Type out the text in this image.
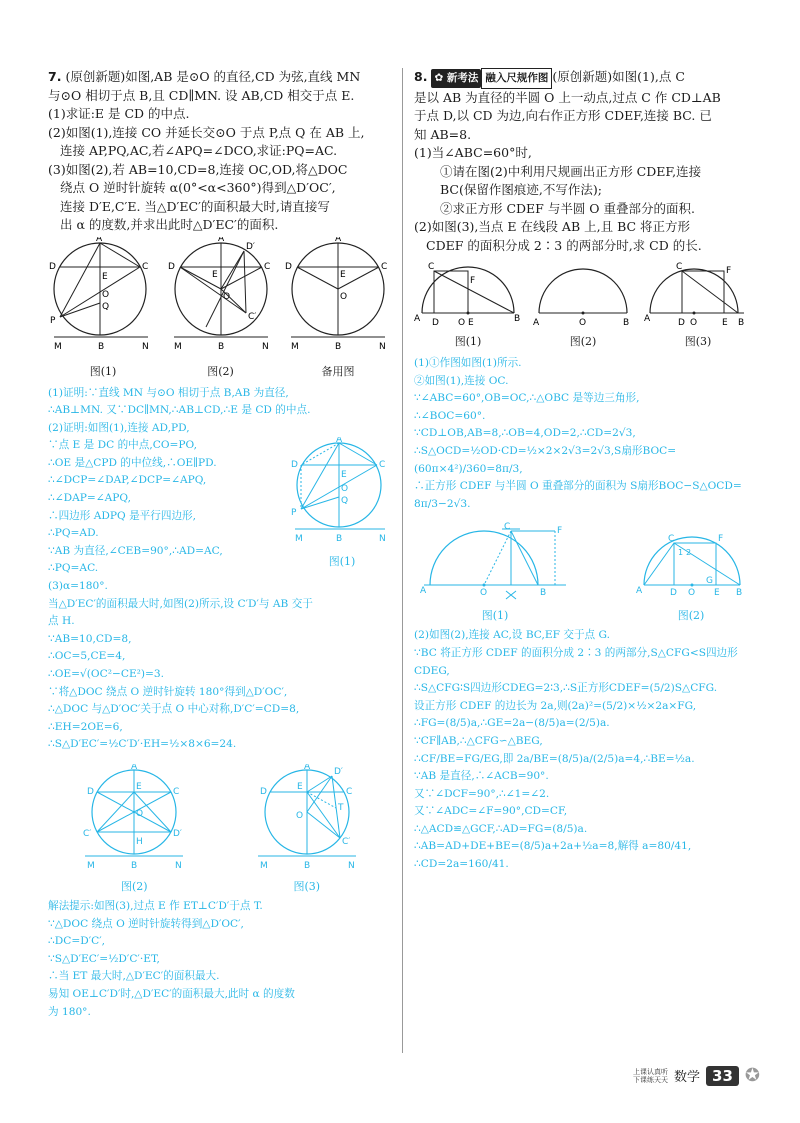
7. (原创新题)如图,AB 是⊙O 的直径,CD 为弦,直线 MN

与⊙O 相切于点 B,且 CD∥MN. 设 AB,CD 相交于点 E.

(1)求证:E 是 CD 的中点.

(2)如图(1),连接 CO 并延长交⊙O 于点 P,点 Q 在 AB 上,

连接 AP,PQ,AC,若∠APQ=∠DCO,求证:PQ=AC.

(3)如图(2),若 AB=10,CD=8,连接 OC,OD,将△DOC

绕点 O 逆时针旋转 α(0°<α<360°)得到△D′OC′,

连接 D′E,C′E. 当△D′EC′的面积最大时,请直接写

出 α 的度数,并求出此时△D′EC′的面积.

A
D	C
E
O
Q
P
M	B	N
图(1)
A
D′
D	C
E
O
C′
M	B	N
图(2)
A
D	C
E
O
M	B	N
备用图
A
D	C
E
O
Q
P
M	B	N
图(1)

(1)证明:∵直线 MN 与⊙O 相切于点 B,AB 为直径,

∴AB⊥MN. 又∵DC∥MN,∴AB⊥CD,∴E 是 CD 的中点.

(2)证明:如图(1),连接 AD,PD,

∵点 E 是 DC 的中点,CO=PO,

∴OE 是△CPD 的中位线,∴OE∥PD.

∴∠DCP=∠DAP,∠DCP=∠APQ,

∴∠DAP=∠APQ,

∴四边形 ADPQ 是平行四边形,

∴PQ=AD.

∵AB 为直径,∠CEB=90°,∴AD=AC,

∴PQ=AC.

(3)α=180°.

当△D′EC′的面积最大时,如图(2)所示,设 C′D′与 AB 交于

点 H.

∵AB=10,CD=8,

∴OC=5,CE=4,

∴OE=√(OC²−CE²)=3.

∵将△DOC 绕点 O 逆时针旋转 180°得到△D′OC′,

∴△DOC 与△D′OC′关于点 O 中心对称,D′C′=CD=8,

∴EH=2OE=6,

∴S△D′EC′=½C′D′·EH=½×8×6=24.

A
D	C
E
O
C′	D′
H
M	B	N
图(2)
A	D′
D	C
E
T
O
C′
M	B	N
图(3)

解法提示:如图(3),过点 E 作 ET⊥C′D′于点 T.

∵△DOC 绕点 O 逆时针旋转得到△D′OC′,

∴DC=D′C′,

∵S△D′EC′=½D′C′·ET,

∴当 ET 最大时,△D′EC′的面积最大.

易知 OE⊥C′D′时,△D′EC′的面积最大,此时 α 的度数

为 180°.

8. ✿ 新考法 融入尺规作图 (原创新题)如图(1),点 C

是以 AB 为直径的半圆 O 上一动点,过点 C 作 CD⊥AB

于点 D,以 CD 为边,向右作正方形 CDEF,连接 BC. 已

知 AB=8.

(1)当∠ABC=60°时,

①请在图(2)中利用尺规画出正方形 CDEF,连接

BC(保留作图痕迹,不写作法);

②求正方形 CDEF 与半圆 O 重叠部分的面积.

(2)如图(3),当点 E 在线段 AB 上,且 BC 将正方形

CDEF 的面积分成 2∶3 的两部分时,求 CD 的长.

C
F
A D O E	B
图(1)
A	O	B
图(2)
C	F
A	D O	E B
图(3)

(1)①作图如图(1)所示.

②如图(1),连接 OC.

∵∠ABC=60°,OB=OC,∴△OBC 是等边三角形,

∴∠BOC=60°.

∵CD⊥OB,AB=8,∴OB=4,OD=2,∴CD=2√3,

∴S△OCD=½OD·CD=½×2×2√3=2√3,S扇形BOC=(60π×4²)/360=8π/3,

∴正方形 CDEF 与半圆 O 重叠部分的面积为 S扇形BOC−S△OCD=

8π/3−2√3.

A	O
C	F
B
图(1)
C	F
1 2
G
A	D O E B
图(2)

(2)如图(2),连接 AC,设 BC,EF 交于点 G.

∵BC 将正方形 CDEF 的面积分成 2∶3 的两部分,S△CFG<S四边形CDEG,

∴S△CFG∶S四边形CDEG=2∶3,∴S正方形CDEF=(5/2)S△CFG.

设正方形 CDEF 的边长为 2a,则(2a)²=(5/2)×½×2a×FG,

∴FG=(8/5)a,∴GE=2a−(8/5)a=(2/5)a.

∵CF∥AB,∴△CFG∽△BEG,

∴CF/BE=FG/EG,即 2a/BE=(8/5)a/(2/5)a=4,∴BE=½a.

∵AB 是直径,∴∠ACB=90°.

又∵∠DCF=90°,∴∠1=∠2.

又∵∠ADC=∠F=90°,CD=CF,

∴△ACD≌△GCF,∴AD=FG=(8/5)a.

∴AB=AD+DE+BE=(8/5)a+2a+½a=8,解得 a=80/41,

∴CD=2a=160/41.

上课认真听
下课练天天 数学 33 ✪
